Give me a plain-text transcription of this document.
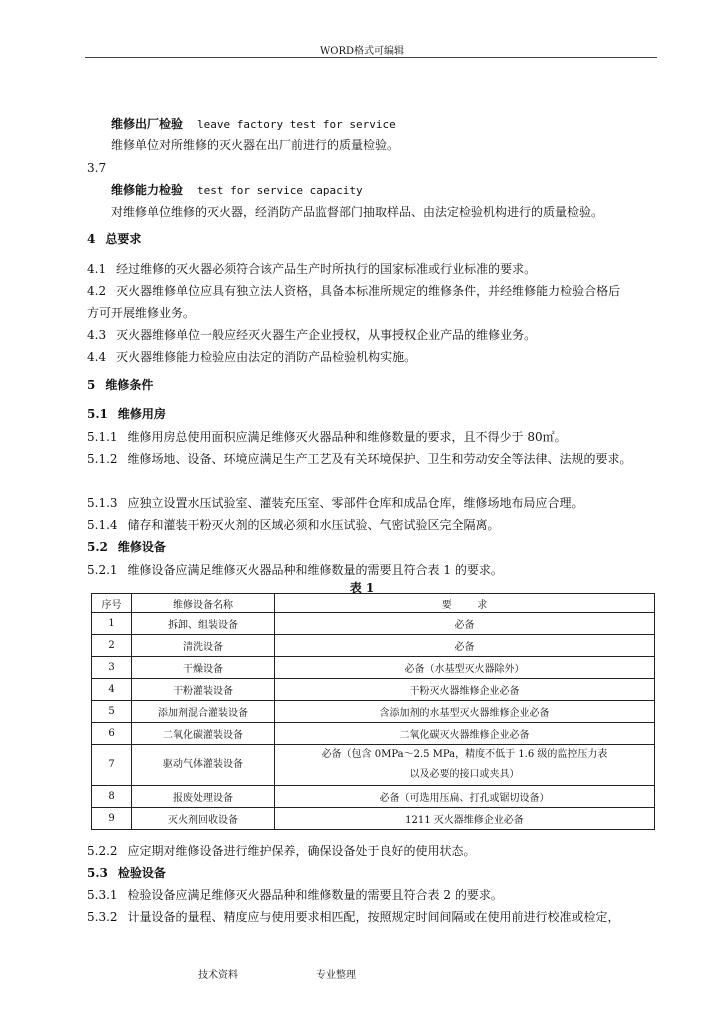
WORD格式可编辑
维修出厂检验 leave factory test for service
维修单位对所维修的灭火器在出厂前进行的质量检验。
3.7
维修能力检验 test for service capacity
对维修单位维修的灭火器，经消防产品监督部门抽取样品、由法定检验机构进行的质量检验。
4 总要求
4.1 经过维修的灭火器必须符合该产品生产时所执行的国家标准或行业标准的要求。
4.2 灭火器维修单位应具有独立法人资格，具备本标准所规定的维修条件，并经维修能力检验合格后
方可开展维修业务。
4.3 灭火器维修单位一般应经灭火器生产企业授权，从事授权企业产品的维修业务。
4.4 灭火器维修能力检验应由法定的消防产品检验机构实施。
5 维修条件
5.1 维修用房
5.1.1 维修用房总使用面积应满足维修灭火器品种和维修数量的要求，且不得少于 80㎡。
5.1.2 维修场地、设备、环境应满足生产工艺及有关环境保护、卫生和劳动安全等法律、法规的要求。
5.1.3 应独立设置水压试验室、灌装充压室、零部件仓库和成品仓库，维修场地布局应合理。
5.1.4 储存和灌装干粉灭火剂的区域必须和水压试验、气密试验区完全隔离。
5.2 维修设备
5.2.1 维修设备应满足维修灭火器品种和维修数量的需要且符合表 1 的要求。
5.2.2 应定期对维修设备进行维护保养，确保设备处于良好的使用状态。
5.3 检验设备
5.3.1 检验设备应满足维修灭火器品种和维修数量的需要且符合表 2 的要求。
5.3.2 计量设备的量程、精度应与使用要求相匹配，按照规定时间间隔或在使用前进行校准或检定，
表 1
序号	维修设备名称	要        求
1	拆卸、组装设备	必备
2	清洗设备	必备
3	干燥设备	必备（水基型灭火器除外）
4	干粉灌装设备	干粉灭火器维修企业必备
5	添加剂混合灌装设备	含添加剂的水基型灭火器维修企业必备
6	二氧化碳灌装设备	二氧化碳灭火器维修企业必备
7	驱动气体灌装设备	必备（包含 0MPa～2.5 MPa，精度不低于 1.6 级的监控压力表
以及必要的接口或夹具）
8	报废处理设备	必备（可选用压扁、打孔或锯切设备）
9	灭火剂回收设备	1211 灭火器维修企业必备
技术资料	专业整理
